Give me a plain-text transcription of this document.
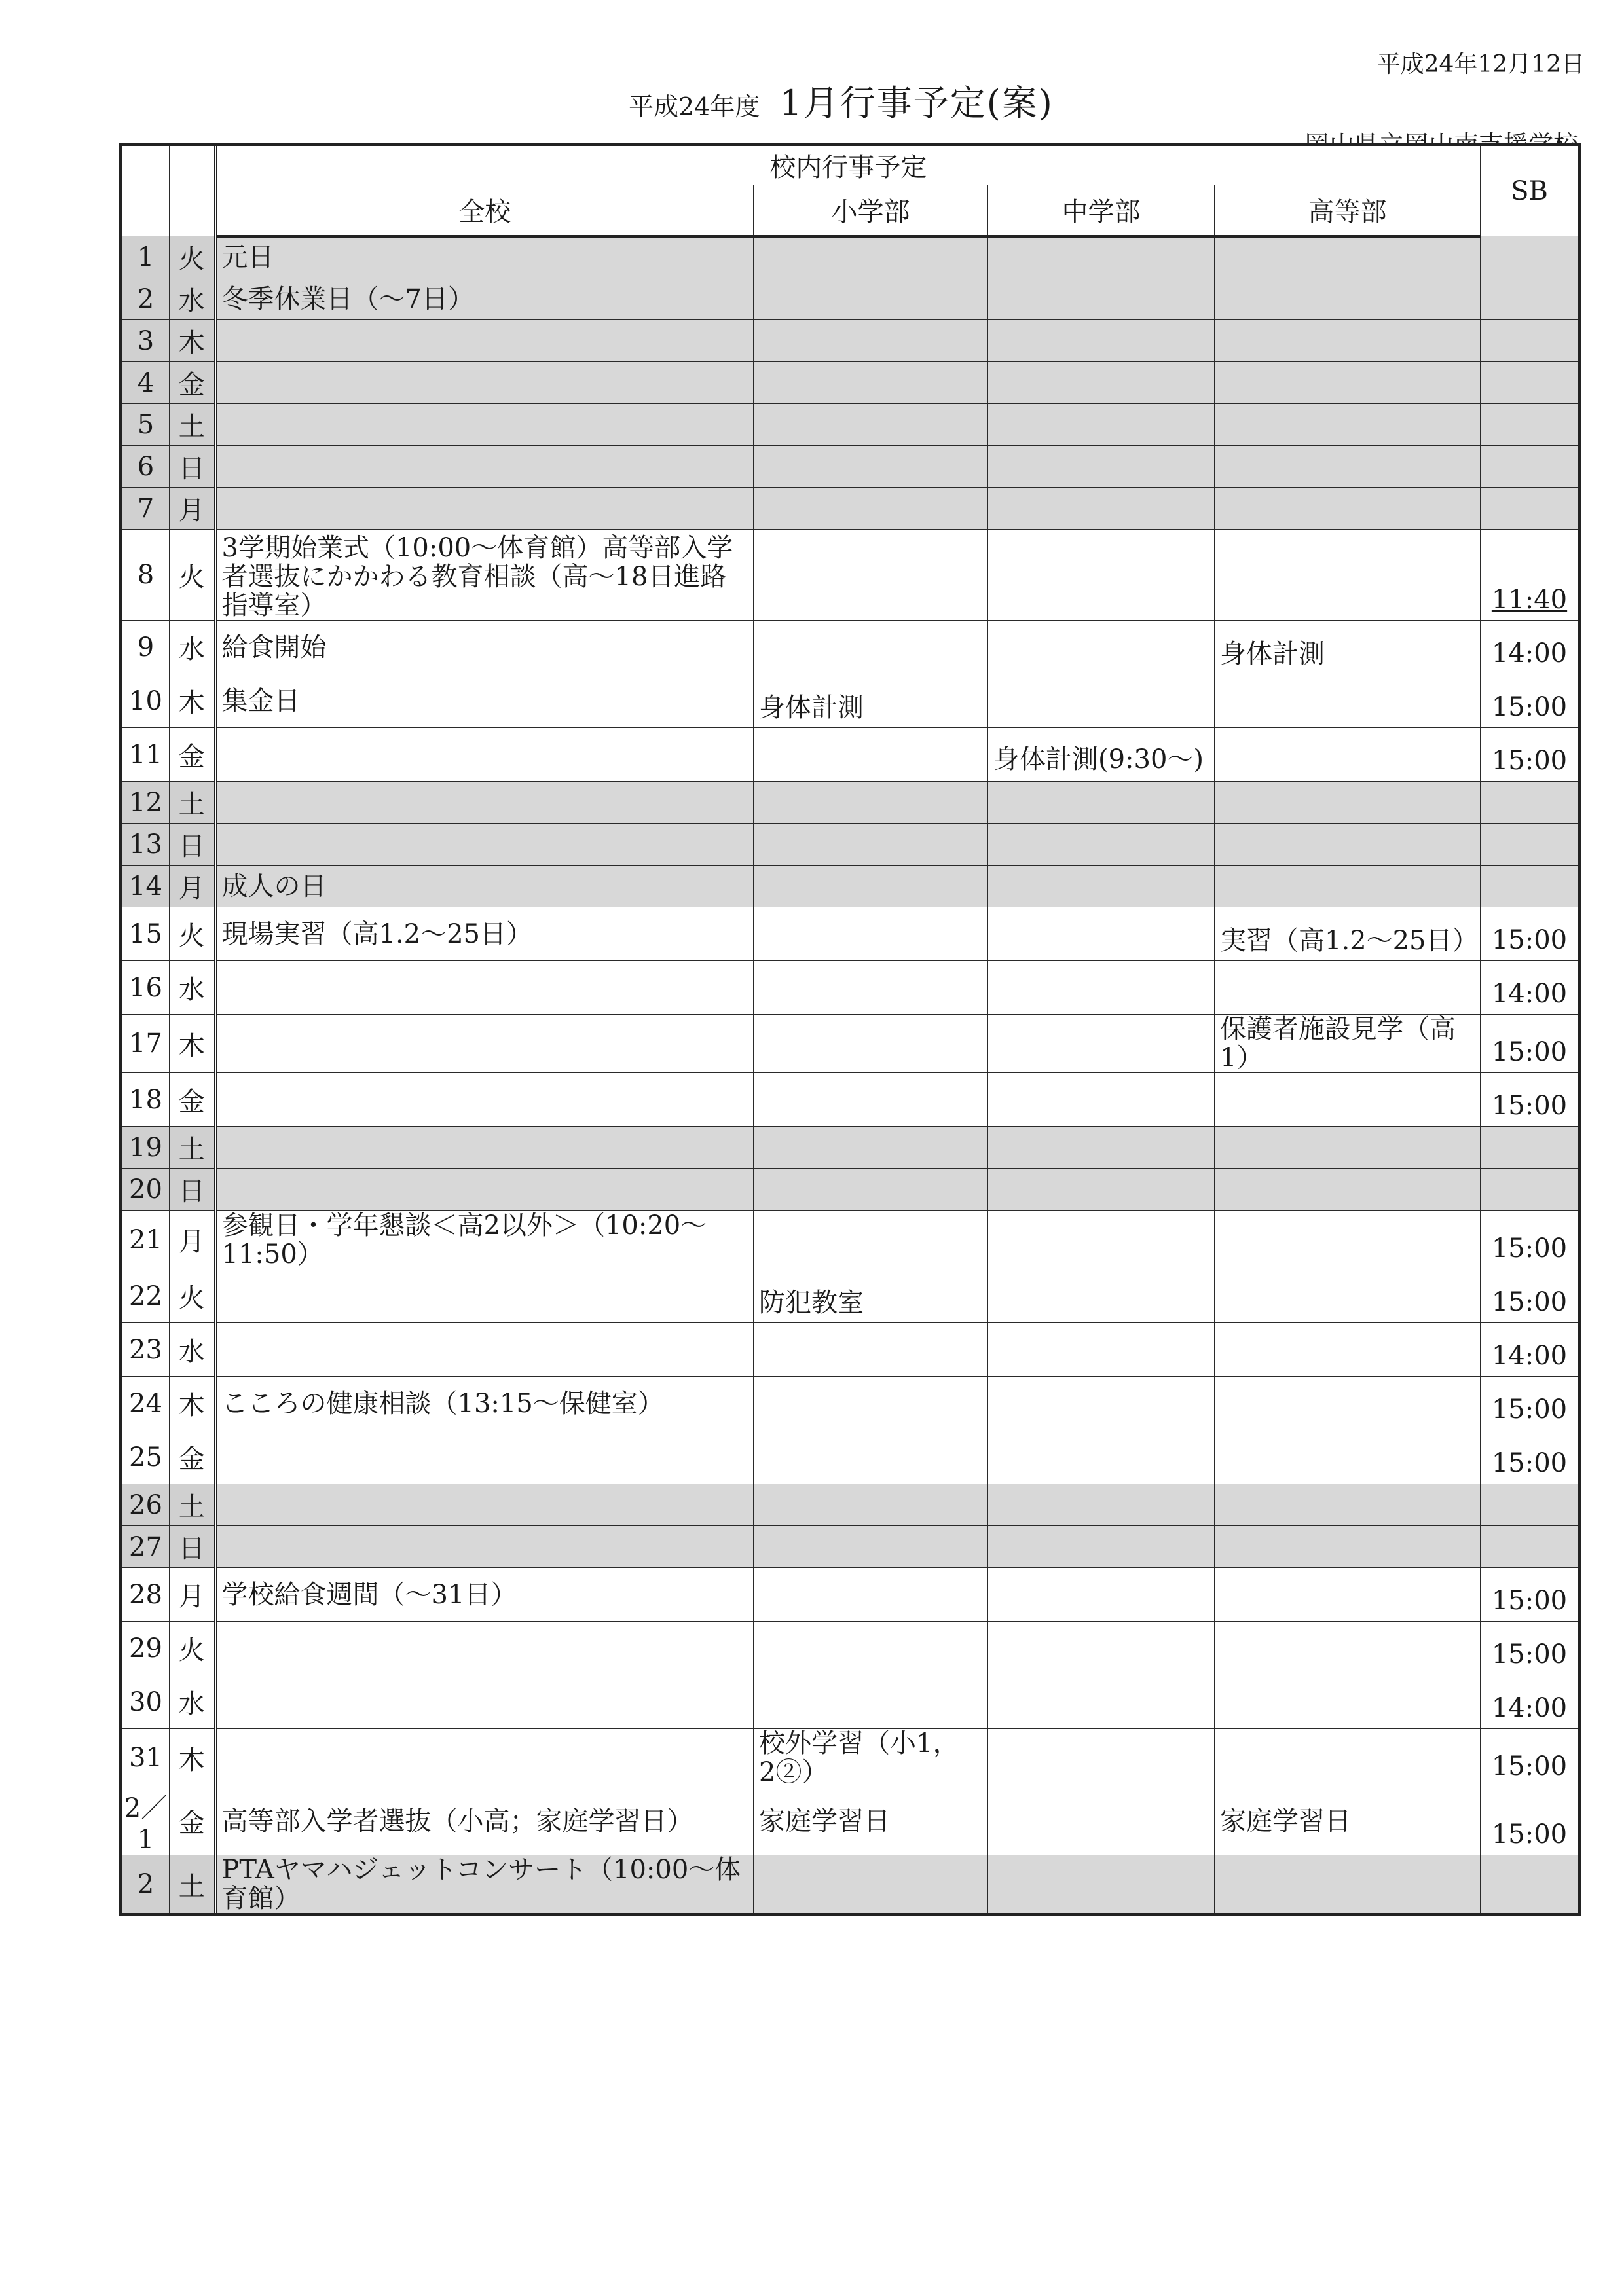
平成24年12月12日
平成24年度 1月行事予定(案)
		校内行事予定				SB
		全校	小学部	中学部	高等部	
1	火	元日				
2	水	冬季休業日（～7日）				
3	木					
4	金					
5	土					
6	日					
7	月					
8	火	3学期始業式（10:00～体育館）高等部入学者選抜にかかわる教育相談（高～18日進路指導室）				11:40
9	水	給食開始			身体計測	14:00
10	木	集金日	身体計測			15:00
11	金			身体計測(9:30～)		15:00
12	土					
13	日					
14	月	成人の日				
15	火	現場実習（高1.2～25日）			実習（高1.2～25日）	15:00
16	水					14:00
17	木				保護者施設見学（高1）	15:00
18	金					15:00
19	土					
20	日					
21	月	参観日・学年懇談＜高2以外＞（10:20～11:50）				15:00
22	火		防犯教室			15:00
23	水					14:00
24	木	こころの健康相談（13:15～保健室）				15:00
25	金					15:00
26	土					
27	日					
28	月	学校給食週間（～31日）				15:00
29	火					15:00
30	水					14:00
31	木		校外学習（小1，2②）			15:00
2／1	金	高等部入学者選抜（小高；家庭学習日）	家庭学習日		家庭学習日	15:00
2	土	PTAヤマハジェットコンサート（10:00～体育館）				
